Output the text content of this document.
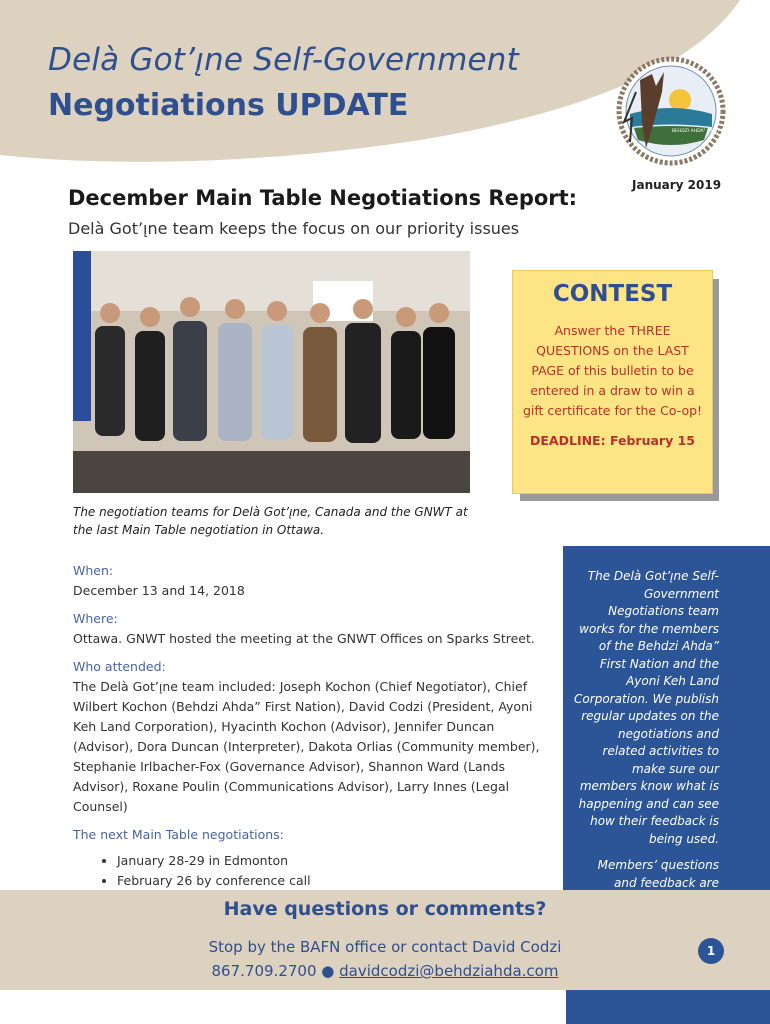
Delà Got’ı̨ne Self-Government
Negotiations UPDATE
BEHDZI AHDA" FIRST NATION
January 2019
December Main Table Negotiations Report:
Delà Got’ı̨ne team keeps the focus on our priority issues
The negotiation teams for Delà Got’ı̨ne, Canada and the GNWT at the last Main Table negotiation in Ottawa.
CONTEST
Answer the THREE QUESTIONS on the LAST PAGE of this bulletin to be entered in a draw to win a gift certificate for the Co-op!
DEADLINE: February 15
When:
December 13 and 14, 2018
Where:
Ottawa. GNWT hosted the meeting at the GNWT Offices on Sparks Street.
Who attended:
The Delà Got’ı̨ne team included: Joseph Kochon (Chief Negotiator), Chief Wilbert Kochon (Behdzi Ahda” First Nation), David Codzi (President, Ayoni Keh Land Corporation), Hyacinth Kochon (Advisor), Jennifer Duncan (Advisor), Dora Duncan (Interpreter), Dakota Orlias (Community member), Stephanie Irlbacher-Fox (Governance Advisor), Shannon Ward (Lands Advisor), Roxane Poulin (Communications Advisor), Larry Innes (Legal Counsel)
The next Main Table negotiations:
• January 28-29 in Edmonton
• February 26 by conference call

The Delà Got’ı̨ne Self-Government Negotiations team works for the members of the Behdzi Ahda” First Nation and the Ayoni Keh Land Corporation. We publish regular updates on the negotiations and related activities to make sure our members know what is happening and can see how their feedback is being used.

Members’ questions and feedback are

Have questions or comments?
Stop by the BAFN office or contact David Codzi
867.709.2700 ● davidcodzi@behdziahda.com
1
